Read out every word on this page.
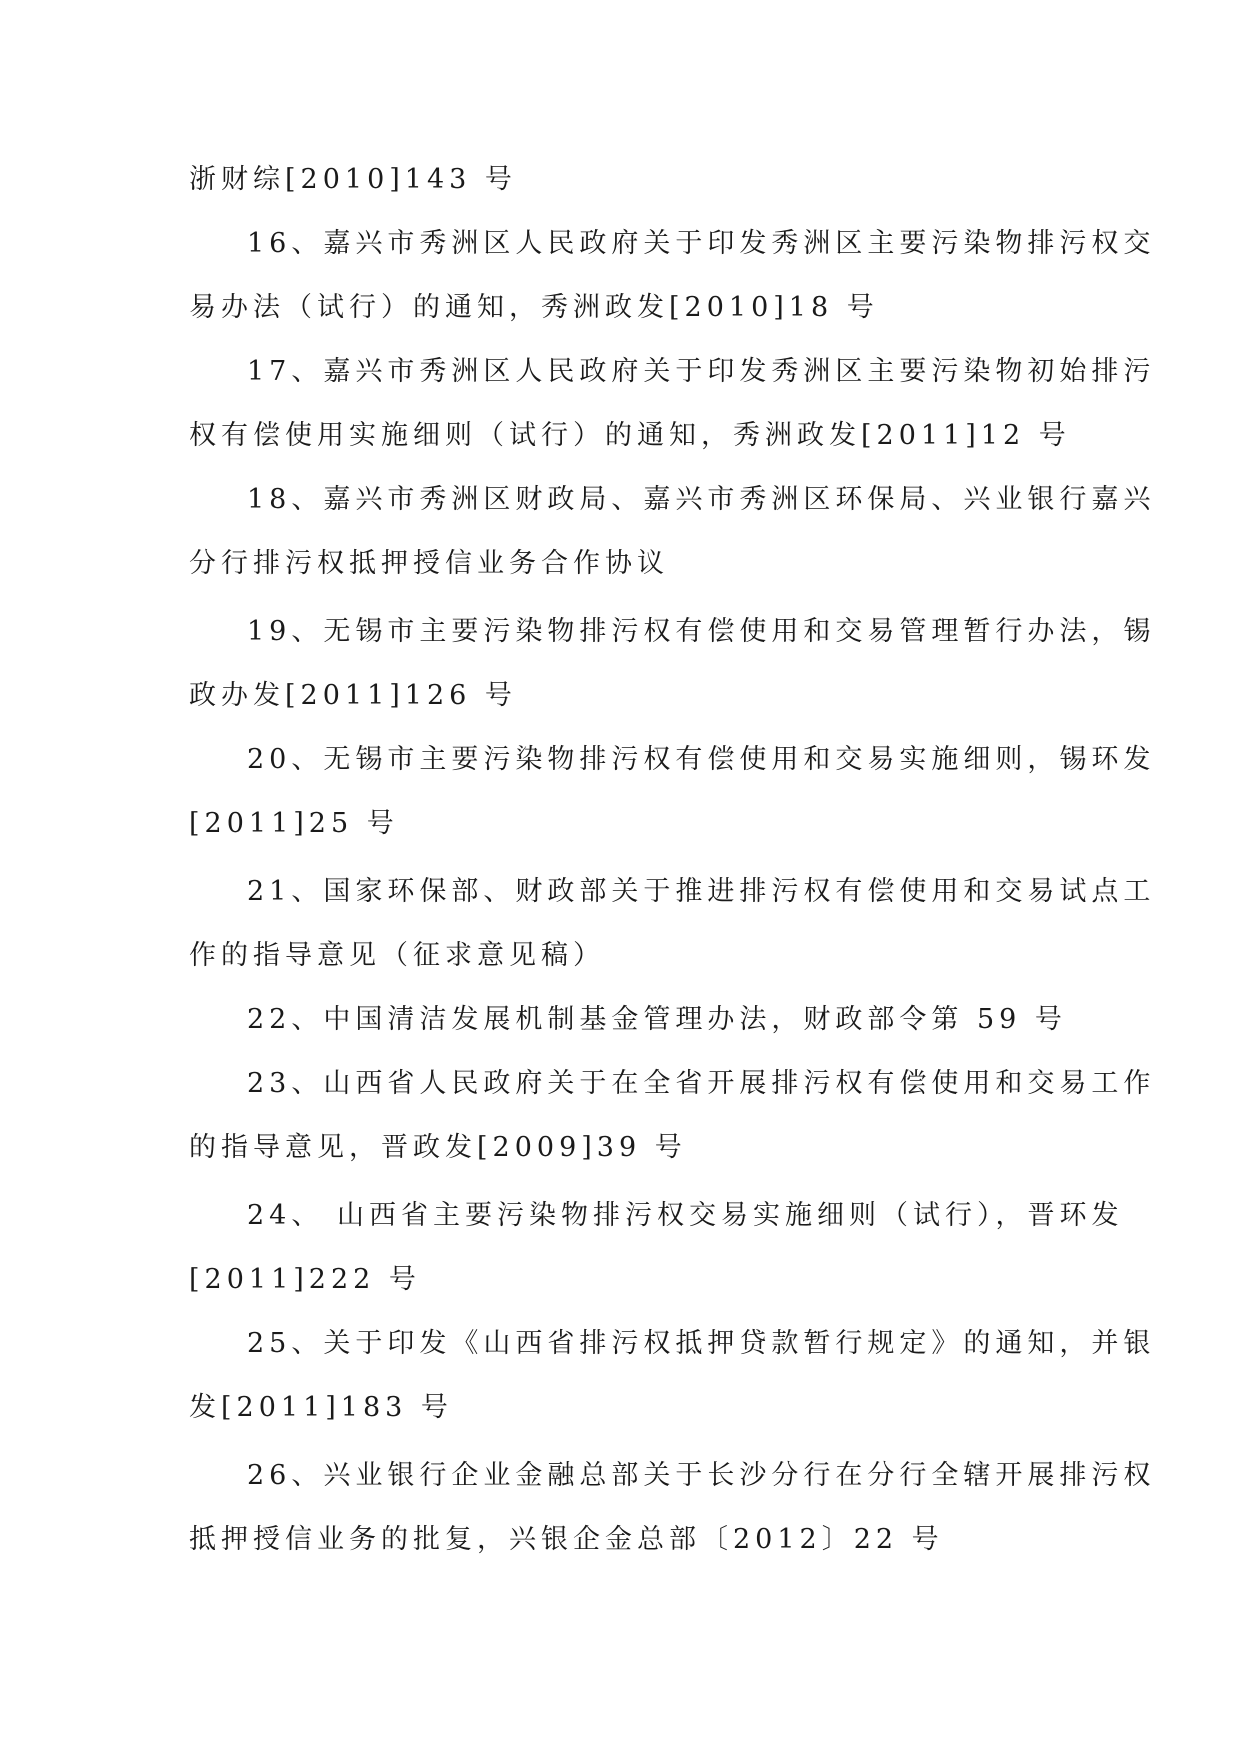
浙财综[2010]143 号
16、嘉兴市秀洲区人民政府关于印发秀洲区主要污染物排污权交
易办法（试行）的通知，秀洲政发[2010]18 号
17、嘉兴市秀洲区人民政府关于印发秀洲区主要污染物初始排污
权有偿使用实施细则（试行）的通知，秀洲政发[2011]12 号
18、嘉兴市秀洲区财政局、嘉兴市秀洲区环保局、兴业银行嘉兴
分行排污权抵押授信业务合作协议
19、无锡市主要污染物排污权有偿使用和交易管理暂行办法，锡
政办发[2011]126 号
20、无锡市主要污染物排污权有偿使用和交易实施细则，锡环发
[2011]25 号
21、国家环保部、财政部关于推进排污权有偿使用和交易试点工
作的指导意见（征求意见稿）
22、中国清洁发展机制基金管理办法，财政部令第 59 号
23、山西省人民政府关于在全省开展排污权有偿使用和交易工作
的指导意见，晋政发[2009]39 号
24、 山西省主要污染物排污权交易实施细则（试行），晋环发
[2011]222 号
25、关于印发《山西省排污权抵押贷款暂行规定》的通知，并银
发[2011]183 号
26、兴业银行企业金融总部关于长沙分行在分行全辖开展排污权
抵押授信业务的批复，兴银企金总部〔2012〕22 号
